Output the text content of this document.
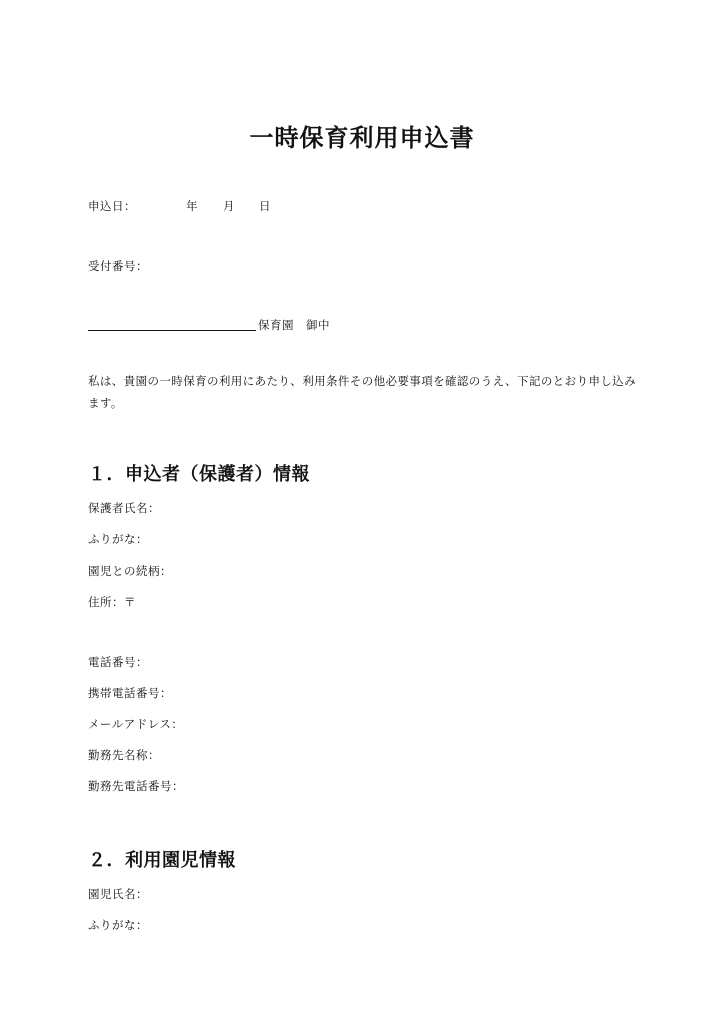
一時保育利用申込書
申込日：	年 月 日
受付番号：
保育園　御中
私は、貴園の一時保育の利用にあたり、利用条件その他必要事項を確認のうえ、下記のとおり申し込みます。
１．申込者（保護者）情報
保護者氏名：
ふりがな：
園児との続柄：
住所：〒
電話番号：
携帯電話番号：
メールアドレス：
勤務先名称：
勤務先電話番号：
２．利用園児情報
園児氏名：
ふりがな：
